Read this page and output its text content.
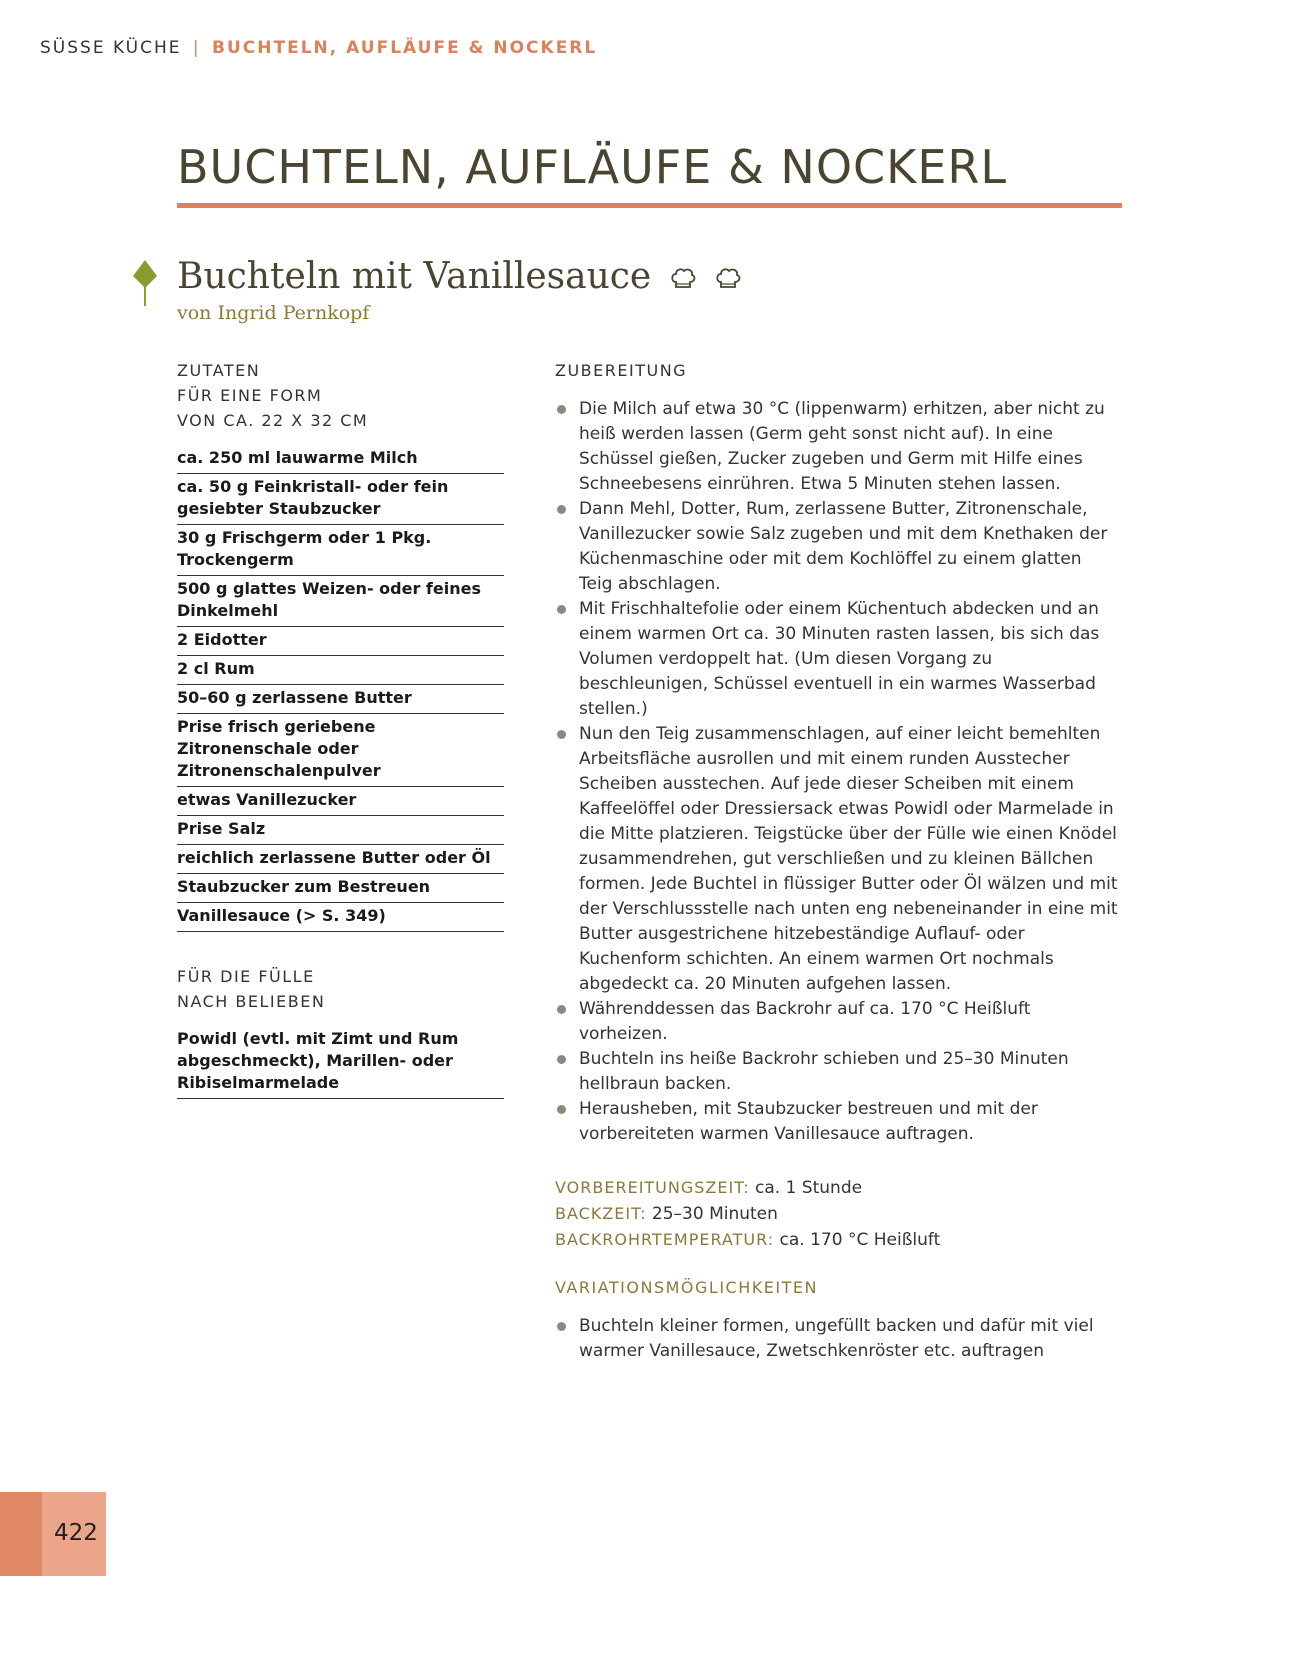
SÜSSE KÜCHE | BUCHTELN, AUFLÄUFE & NOCKERL
BUCHTELN, AUFLÄUFE & NOCKERL
Buchteln mit Vanillesauce
von Ingrid Pernkopf
ZUTATEN
FÜR EINE FORM
VON CA. 22 X 32 CM
ca. 250 ml lauwarme Milch
ca. 50 g Feinkristall- oder fein gesiebter Staubzucker
30 g Frischgerm oder 1 Pkg. Trockengerm
500 g glattes Weizen- oder feines Dinkelmehl
2 Eidotter
2 cl Rum
50–60 g zerlassene Butter
Prise frisch geriebene Zitronenschale oder Zitronenschalenpulver
etwas Vanillezucker
Prise Salz
reichlich zerlassene Butter oder Öl
Staubzucker zum Bestreuen
Vanillesauce (> S. 349)
FÜR DIE FÜLLE
NACH BELIEBEN
Powidl (evtl. mit Zimt und Rum abgeschmeckt), Marillen- oder Ribiselmarmelade
ZUBEREITUNG
Die Milch auf etwa 30 °C (lippenwarm) erhitzen, aber nicht zu heiß werden lassen (Germ geht sonst nicht auf). In eine Schüssel gießen, Zucker zugeben und Germ mit Hilfe eines Schneebesens einrühren. Etwa 5 Minuten stehen lassen.
Dann Mehl, Dotter, Rum, zerlassene Butter, Zitronenschale, Vanillezucker sowie Salz zugeben und mit dem Knethaken der Küchenmaschine oder mit dem Kochlöffel zu einem glatten Teig abschlagen.
Mit Frischhaltefolie oder einem Küchentuch abdecken und an einem warmen Ort ca. 30 Minuten rasten lassen, bis sich das Volumen verdoppelt hat. (Um diesen Vorgang zu beschleunigen, Schüssel eventuell in ein warmes Wasserbad stellen.)
Nun den Teig zusammenschlagen, auf einer leicht bemehlten Arbeitsfläche ausrollen und mit einem runden Ausstecher Scheiben ausstechen. Auf jede dieser Scheiben mit einem Kaffeelöffel oder Dressiersack etwas Powidl oder Marmelade in die Mitte platzieren. Teigstücke über der Fülle wie einen Knödel zusammendrehen, gut verschließen und zu kleinen Bällchen formen. Jede Buchtel in flüssiger Butter oder Öl wälzen und mit der Verschlussstelle nach unten eng nebeneinander in eine mit Butter ausgestrichene hitzebeständige Auflauf- oder Kuchenform schichten. An einem warmen Ort nochmals abgedeckt ca. 20 Minuten aufgehen lassen.
Währenddessen das Backrohr auf ca. 170 °C Heißluft vorheizen.
Buchteln ins heiße Backrohr schieben und 25–30 Minuten hellbraun backen.
Herausheben, mit Staubzucker bestreuen und mit der vorbereiteten warmen Vanillesauce auftragen.
VORBEREITUNGSZEIT: ca. 1 Stunde
BACKZEIT: 25–30 Minuten
BACKROHRTEMPERATUR: ca. 170 °C Heißluft
VARIATIONSMÖGLICHKEITEN
Buchteln kleiner formen, ungefüllt backen und dafür mit viel warmer Vanillesauce, Zwetschkenröster etc. auftragen
422
